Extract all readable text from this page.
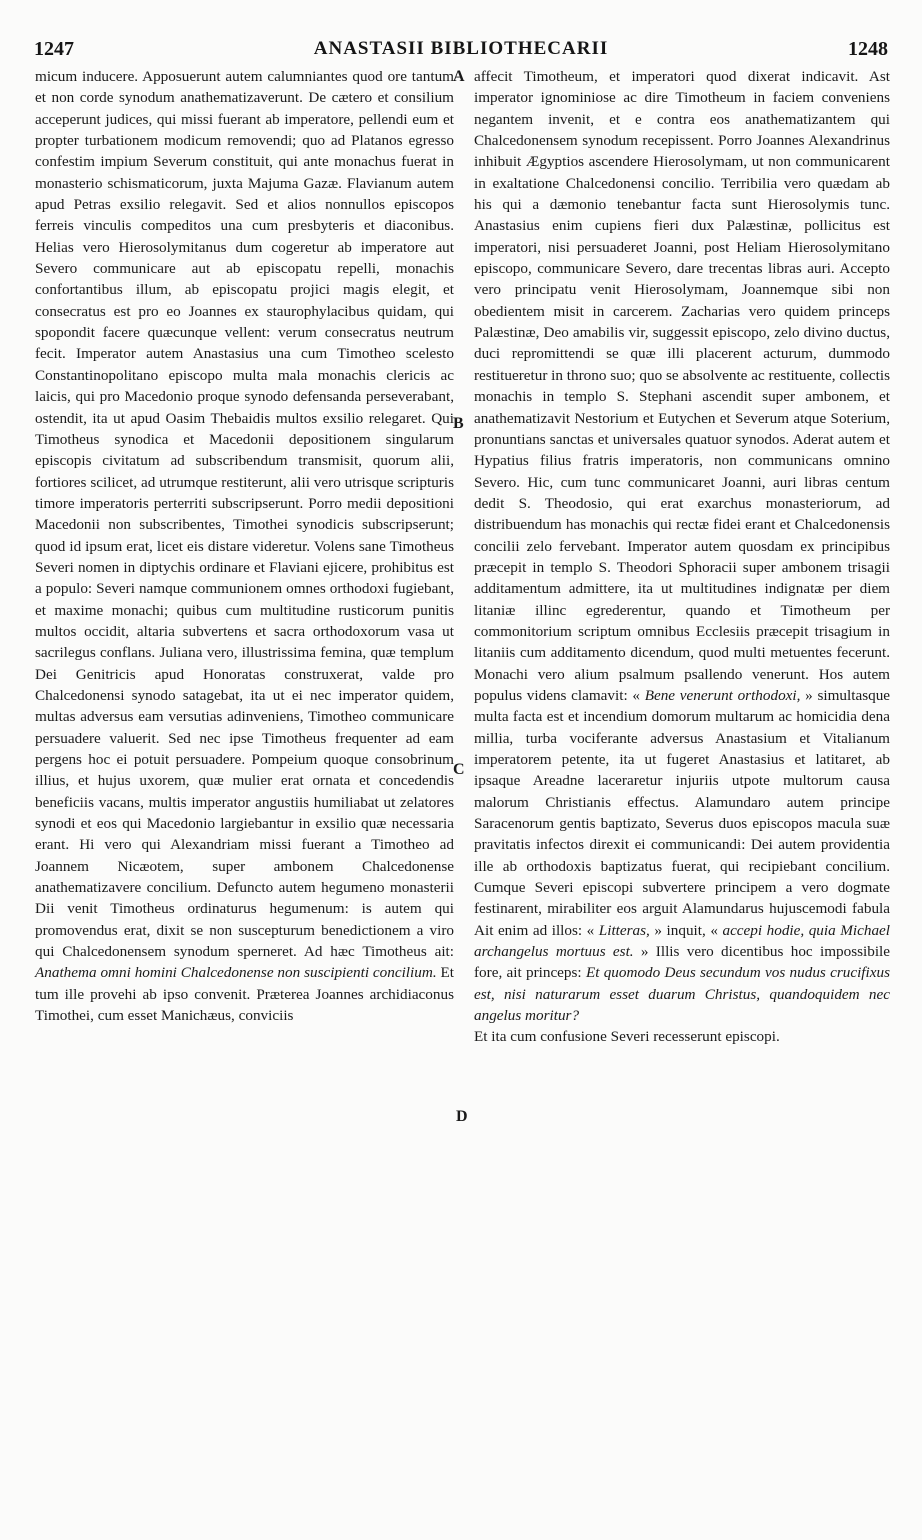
1247	ANASTASII BIBLIOTHECARII	1248

micum inducere. Apposuerunt autem calumniantes quod ore tantum et non corde synodum anathematizaverunt. De cætero et consilium acceperunt judices, qui missi fuerant ab imperatore, pellendi eum et propter turbationem modicum removendi; quo ad Platanos egresso confestim impium Severum constituit, qui ante monachus fuerat in monasterio schismaticorum, juxta Majuma Gazæ. Flavianum autem apud Petras exsilio relegavit. Sed et alios nonnullos episcopos ferreis vinculis compeditos una cum presbyteris et diaconibus. Helias vero Hierosolymitanus dum cogeretur ab imperatore aut Severo communicare aut ab episcopatu repelli, monachis confortantibus illum, ab episcopatu projici magis elegit, et consecratus est pro eo Joannes ex staurophylacibus quidam, qui spopondit facere quæcunque vellent: verum consecratus neutrum fecit. Imperator autem Anastasius una cum Timotheo scelesto Constantinopolitano episcopo multa mala monachis clericis ac laicis, qui pro Macedonio proque synodo defensanda perseverabant, ostendit, ita ut apud Oasim Thebaidis multos exsilio relegaret. Qui Timotheus synodica et Macedonii depositionem singularum episcopis civitatum ad subscribendum transmisit, quorum alii, fortiores scilicet, ad utrumque restiterunt, alii vero utrisque scripturis timore imperatoris perterriti subscripserunt. Porro medii depositioni Macedonii non subscribentes, Timothei synodicis subscripserunt; quod id ipsum erat, licet eis distare videretur. Volens sane Timotheus Severi nomen in diptychis ordinare et Flaviani ejicere, prohibitus est a populo: Severi namque communionem omnes orthodoxi fugiebant, et maxime monachi; quibus cum multitudine rusticorum punitis multos occidit, altaria subvertens et sacra orthodoxorum vasa ut sacrilegus conflans. Juliana vero, illustrissima femina, quæ templum Dei Genitricis apud Honoratas construxerat, valde pro Chalcedonensi synodo satagebat, ita ut ei nec imperator quidem, multas adversus eam versutias adinveniens, Timotheo communicare persuadere valuerit. Sed nec ipse Timotheus frequenter ad eam pergens hoc ei potuit persuadere. Pompeium quoque consobrinum illius, et hujus uxorem, quæ mulier erat ornata et concedendis beneficiis vacans, multis imperator angustiis humiliabat ut zelatores synodi et eos qui Macedonio largiebantur in exsilio quæ necessaria erant. Hi vero qui Alexandriam missi fuerant a Timotheo ad Joannem Nicæotem, super ambonem Chalcedonense anathematizavere concilium. Defuncto autem hegumeno monasterii Dii venit Timotheus ordinaturus hegumenum: is autem qui promovendus erat, dixit se non suscepturum benedictionem a viro qui Chalcedonensem synodum sperneret. Ad hæc Timotheus ait: Anathema omni homini Chalcedonense non suscipienti concilium. Et tum ille provehi ab ipso convenit. Præterea Joannes archidiaconus Timothei, cum esset Manichæus, conviciis

A
B
C
D

affecit Timotheum, et imperatori quod dixerat indicavit. Ast imperator ignominiose ac dire Timotheum in faciem conveniens negantem invenit, et e contra eos anathematizantem qui Chalcedonensem synodum recepissent. Porro Joannes Alexandrinus inhibuit Ægyptios ascendere Hierosolymam, ut non communicarent in exaltatione Chalcedonensi concilio. Terribilia vero quædam ab his qui a dæmonio tenebantur facta sunt Hierosolymis tunc. Anastasius enim cupiens fieri dux Palæstinæ, pollicitus est imperatori, nisi persuaderet Joanni, post Heliam Hierosolymitano episcopo, communicare Severo, dare trecentas libras auri. Accepto vero principatu venit Hierosolymam, Joannemque sibi non obedientem misit in carcerem. Zacharias vero quidem princeps Palæstinæ, Deo amabilis vir, suggessit episcopo, zelo divino ductus, duci repromittendi se quæ illi placerent acturum, dummodo restitueretur in throno suo; quo se absolvente ac restituente, collectis monachis in templo S. Stephani ascendit super ambonem, et anathematizavit Nestorium et Eutychen et Severum atque Soterium, pronuntians sanctas et universales quatuor synodos. Aderat autem et Hypatius filius fratris imperatoris, non communicans omnino Severo. Hic, cum tunc communicaret Joanni, auri libras centum dedit S. Theodosio, qui erat exarchus monasteriorum, ad distribuendum has monachis qui rectæ fidei erant et Chalcedonensis concilii zelo fervebant. Imperator autem quosdam ex principibus præcepit in templo S. Theodori Sphoracii super ambonem trisagii additamentum admittere, ita ut multitudines indignatæ per diem litaniæ illinc egrederentur, quando et Timotheum per commonitorium scriptum omnibus Ecclesiis præcepit trisagium in litaniis cum additamento dicendum, quod multi metuentes fecerunt. Monachi vero alium psalmum psallendo venerunt. Hos autem populus videns clamavit: « Bene venerunt orthodoxi, » simultasque multa facta est et incendium domorum multarum ac homicidia dena millia, turba vociferante adversus Anastasium et Vitalianum imperatorem petente, ita ut fugeret Anastasius et latitaret, ab ipsaque Areadne laceraretur injuriis utpote multorum causa malorum Christianis effectus. Alamundaro autem principe Saracenorum gentis baptizato, Severus duos episcopos macula suæ pravitatis infectos direxit ei communicandi: Dei autem providentia ille ab orthodoxis baptizatus fuerat, qui recipiebant concilium. Cumque Severi episcopi subvertere principem a vero dogmate festinarent, mirabiliter eos arguit Alamundarus hujuscemodi fabula Ait enim ad illos: « Litteras, » inquit, « accepi hodie, quia Michael archangelus mortuus est. » Illis vero dicentibus hoc impossibile fore, ait princeps: Et quomodo Deus secundum vos nudus crucifixus est, nisi naturarum esset duarum Christus, quandoquidem nec angelus moritur?
Et ita cum confusione Severi recesserunt episcopi.
